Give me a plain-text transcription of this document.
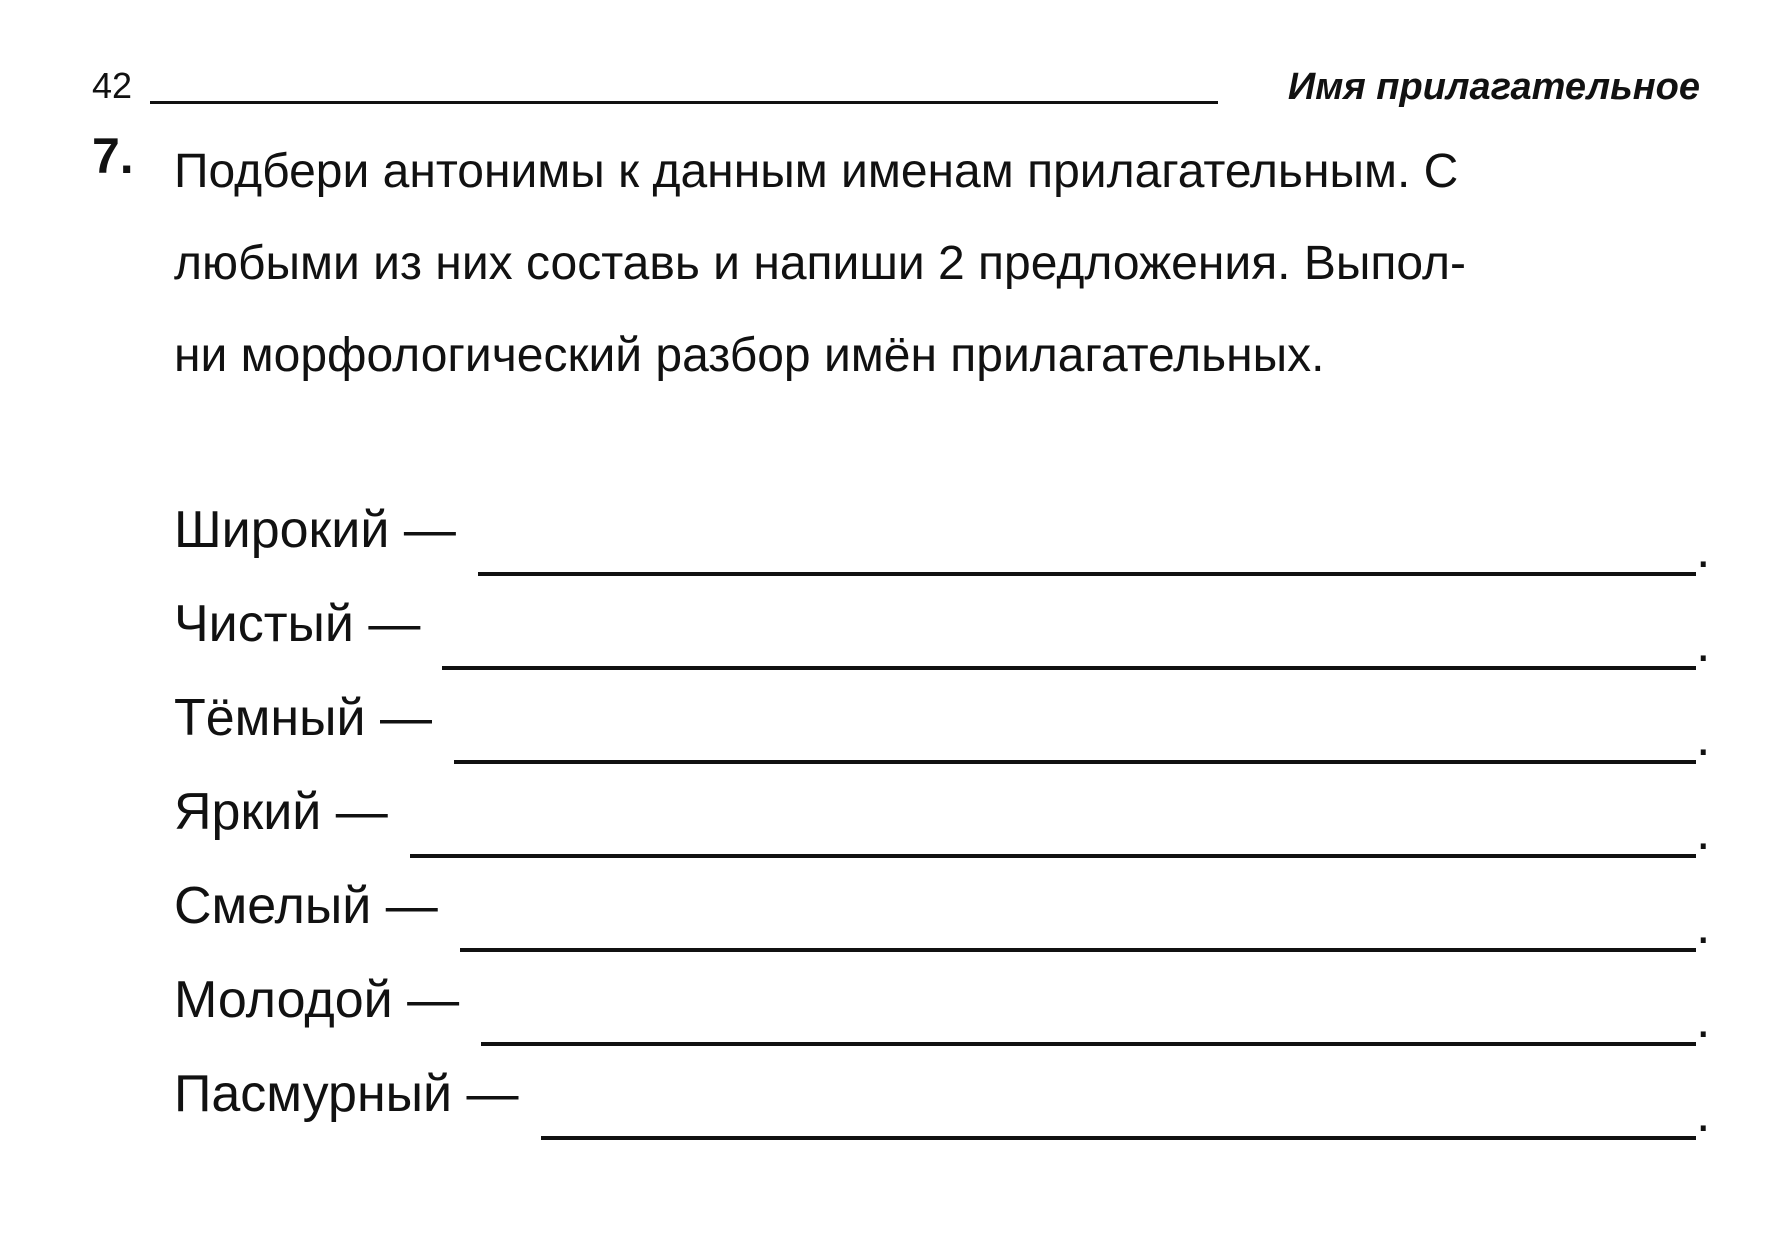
42	Имя прилагательное
7. Подбери антонимы к данным именам прилагательным. С
любыми из них составь и напиши 2 предложения. Выпол-
ни морфологический разбор имён прилагательных.

Широкий —	.
Чистый —	.
Тёмный —	.
Яркий —	.
Смелый —	.
Молодой —	.
Пасмурный —	.
